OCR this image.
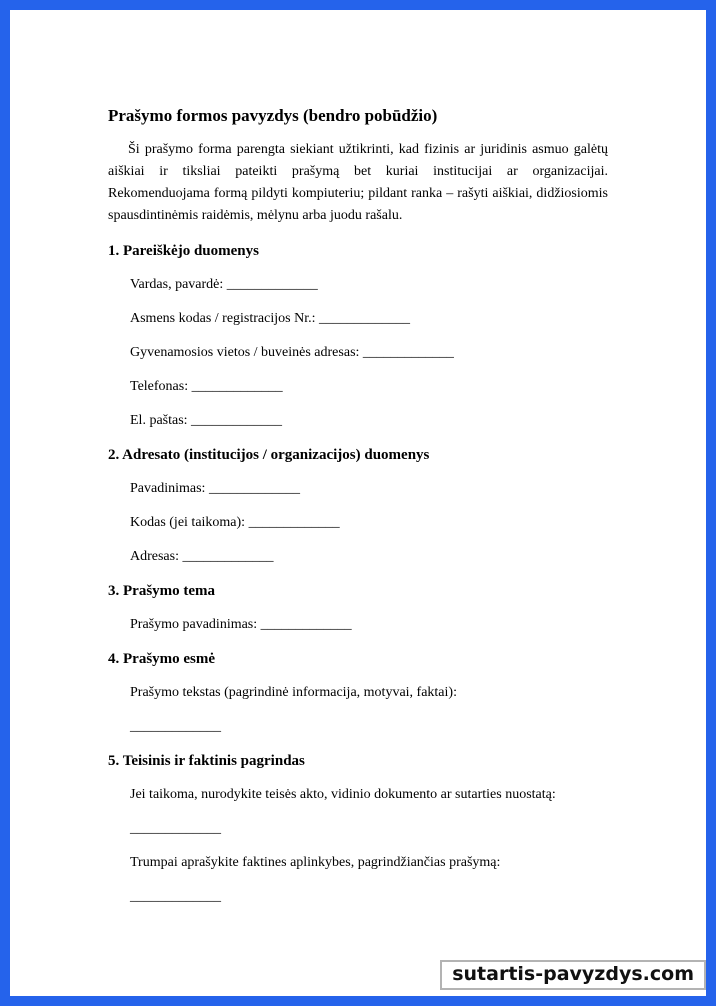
Prašymo formos pavyzdys (bendro pobūdžio)

Ši prašymo forma parengta siekiant užtikrinti, kad fizinis ar juridinis asmuo galėtų aiškiai ir tiksliai pateikti prašymą bet kuriai institucijai ar organizacijai. Rekomenduojama formą pildyti kompiuteriu; pildant ranka – rašyti aiškiai, didžiosiomis spausdintinėmis raidėmis, mėlynu arba juodu rašalu.

1. Pareiškėjo duomenys
Vardas, pavardė: _____________
Asmens kodas / registracijos Nr.: _____________
Gyvenamosios vietos / buveinės adresas: _____________
Telefonas: _____________
El. paštas: _____________
2. Adresato (institucijos / organizacijos) duomenys
Pavadinimas: _____________
Kodas (jei taikoma): _____________
Adresas: _____________
3. Prašymo tema
Prašymo pavadinimas: _____________
4. Prašymo esmė
Prašymo tekstas (pagrindinė informacija, motyvai, faktai):
_____________
5. Teisinis ir faktinis pagrindas
Jei taikoma, nurodykite teisės akto, vidinio dokumento ar sutarties nuostatą:
_____________
Trumpai aprašykite faktines aplinkybes, pagrindžiančias prašymą:
_____________
sutartis-pavyzdys.com
